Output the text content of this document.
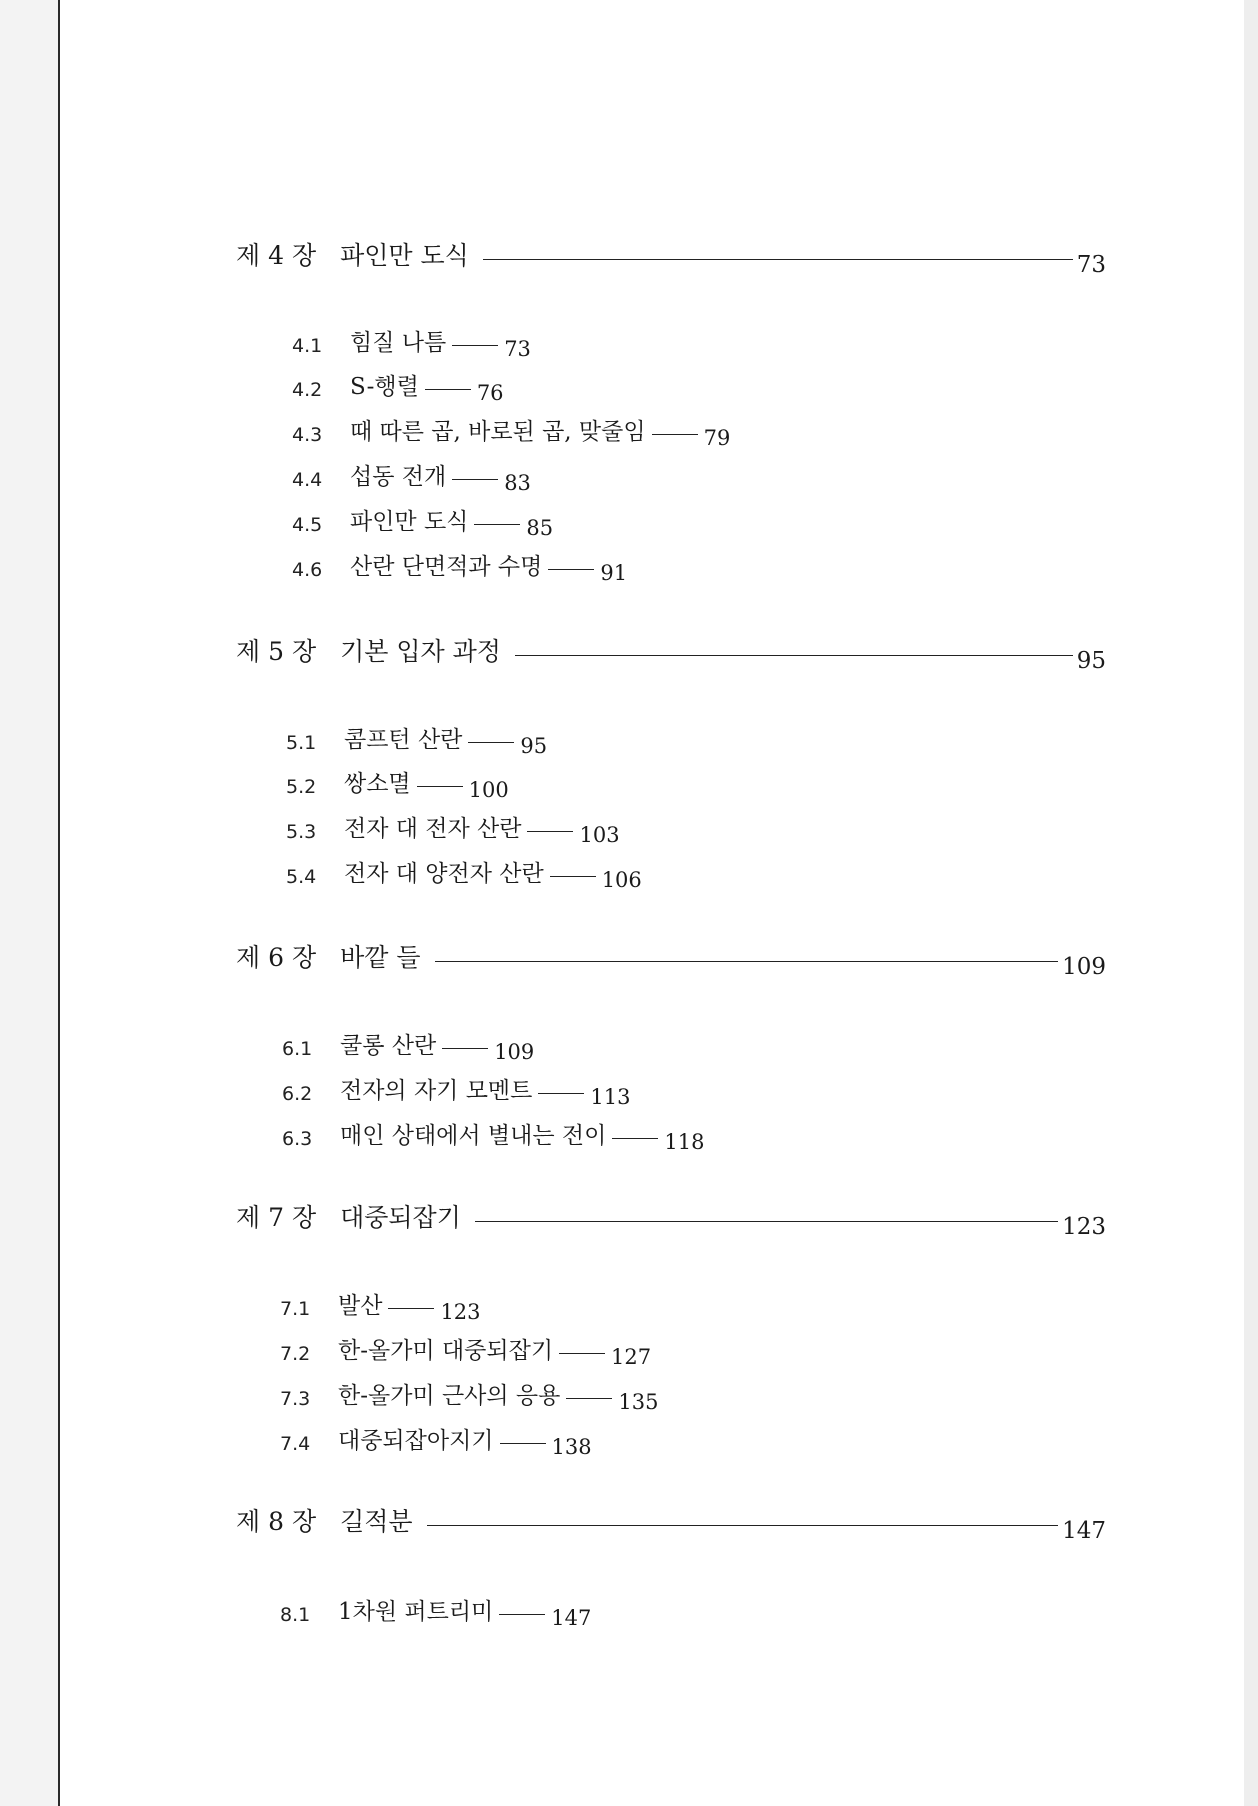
제 4 장 파인만 도식	73
4.1	힘질 나틈	73
4.2	S-행렬	76
4.3	때 따른 곱, 바로된 곱, 맞줄임	79
4.4	섭동 전개	83
4.5	파인만 도식	85
4.6	산란 단면적과 수명	91
제 5 장 기본 입자 과정	95
5.1	콤프턴 산란	95
5.2	쌍소멸	100
5.3	전자 대 전자 산란	103
5.4	전자 대 양전자 산란	106
제 6 장 바깥 들	109
6.1	쿨롱 산란	109
6.2	전자의 자기 모멘트	113
6.3	매인 상태에서 별내는 전이	118
제 7 장 대중되잡기	123
7.1	발산	123
7.2	한-올가미 대중되잡기	127
7.3	한-올가미 근사의 응용	135
7.4	대중되잡아지기	138
제 8 장 길적분	147
8.1	1차원 퍼트리미	147
